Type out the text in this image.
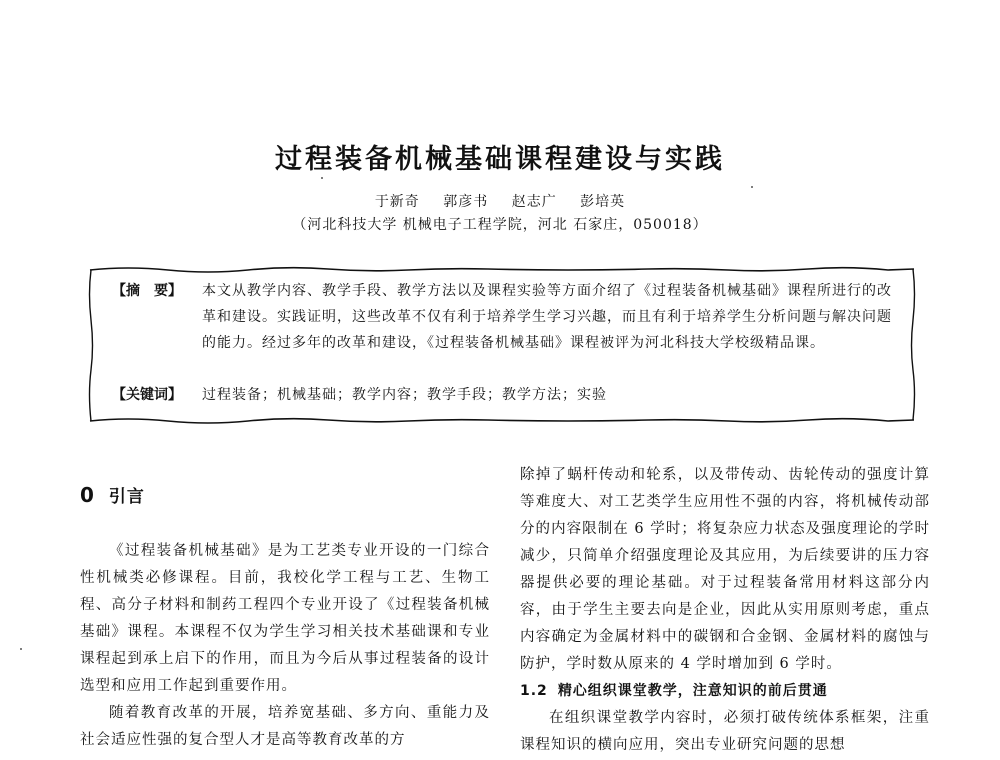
过程装备机械基础课程建设与实践

于新奇 郭彦书 赵志广 彭培英

（河北科技大学 机械电子工程学院，河北 石家庄，050018）

【摘　要】	本文从教学内容、教学手段、教学方法以及课程实验等方面介绍了《过程装备机械基础》课程所进行的改革和建设。实践证明，这些改革不仅有利于培养学生学习兴趣，而且有利于培养学生分析问题与解决问题的能力。经过多年的改革和建设，《过程装备机械基础》课程被评为河北科技大学校级精品课。
【关键词】	过程装备；机械基础；教学内容；教学手段；教学方法；实验
0 引言

《过程装备机械基础》是为工艺类专业开设的一门综合性机械类必修课程。目前，我校化学工程与工艺、生物工程、高分子材料和制药工程四个专业开设了《过程装备机械基础》课程。本课程不仅为学生学习相关技术基础课和专业课程起到承上启下的作用，而且为今后从事过程装备的设计选型和应用工作起到重要作用。

随着教育改革的开展，培养宽基础、多方向、重能力及社会适应性强的复合型人才是高等教育改革的方

除掉了蜗杆传动和轮系，以及带传动、齿轮传动的强度计算等难度大、对工艺类学生应用性不强的内容，将机械传动部分的内容限制在 6 学时；将复杂应力状态及强度理论的学时减少，只简单介绍强度理论及其应用，为后续要讲的压力容器提供必要的理论基础。对于过程装备常用材料这部分内容，由于学生主要去向是企业，因此从实用原则考虑，重点内容确定为金属材料中的碳钢和合金钢、金属材料的腐蚀与防护，学时数从原来的 4 学时增加到 6 学时。

1.2 精心组织课堂教学，注意知识的前后贯通

在组织课堂教学内容时，必须打破传统体系框架，注重课程知识的横向应用，突出专业研究问题的思想
